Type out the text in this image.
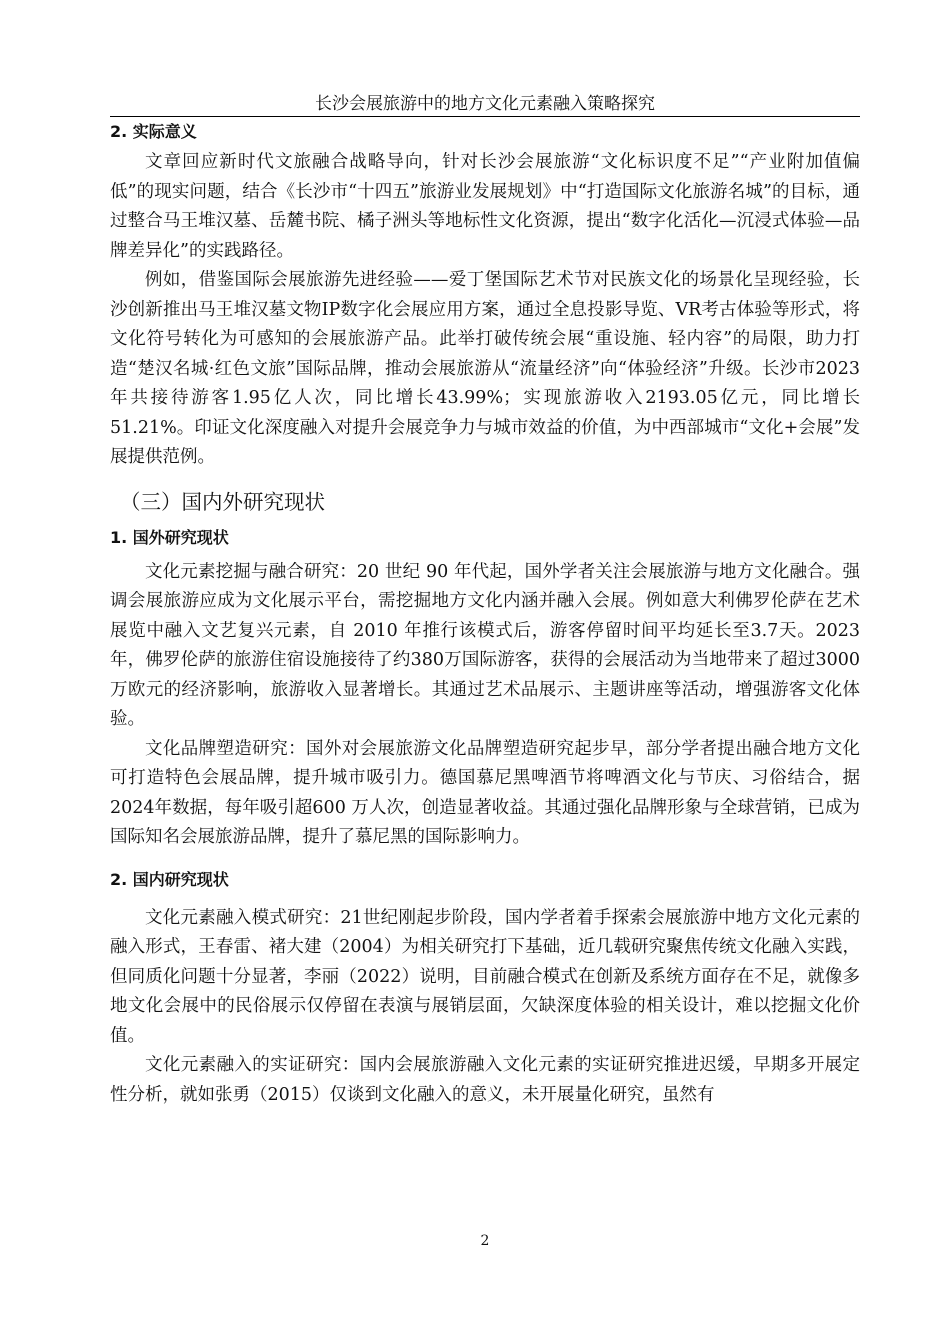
长沙会展旅游中的地方文化元素融入策略探究
2. 实际意义

文章回应新时代文旅融合战略导向，针对长沙会展旅游“文化标识度不足”“产业附加值偏低”的现实问题，结合《长沙市“十四五”旅游业发展规划》中“打造国际文化旅游名城”的目标，通过整合马王堆汉墓、岳麓书院、橘子洲头等地标性文化资源，提出“数字化活化—沉浸式体验—品牌差异化”的实践路径。

例如，借鉴国际会展旅游先进经验——爱丁堡国际艺术节对民族文化的场景化呈现经验，长沙创新推出马王堆汉墓文物IP数字化会展应用方案，通过全息投影导览、VR考古体验等形式，将文化符号转化为可感知的会展旅游产品。此举打破传统会展“重设施、轻内容”的局限，助力打造“楚汉名城·红色文旅”国际品牌，推动会展旅游从“流量经济”向“体验经济”升级。长沙市2023年共接待游客1.95亿人次，同比增长43.99%；实现旅游收入2193.05亿元，同比增长51.21%。印证文化深度融入对提升会展竞争力与城市效益的价值，为中西部城市“文化+会展”发展提供范例。

（三）国内外研究现状
1. 国外研究现状

文化元素挖掘与融合研究：20 世纪 90 年代起，国外学者关注会展旅游与地方文化融合。强调会展旅游应成为文化展示平台，需挖掘地方文化内涵并融入会展。例如意大利佛罗伦萨在艺术展览中融入文艺复兴元素，自 2010 年推行该模式后，游客停留时间平均延长至3.7天。2023年，佛罗伦萨的旅游住宿设施接待了约380万国际游客，获得的会展活动为当地带来了超过3000万欧元的经济影响，旅游收入显著增长。其通过艺术品展示、主题讲座等活动，增强游客文化体验。

文化品牌塑造研究：国外对会展旅游文化品牌塑造研究起步早，部分学者提出融合地方文化可打造特色会展品牌，提升城市吸引力。德国慕尼黑啤酒节将啤酒文化与节庆、习俗结合，据 2024年数据，每年吸引超600 万人次，创造显著收益。其通过强化品牌形象与全球营销，已成为国际知名会展旅游品牌，提升了慕尼黑的国际影响力。

2. 国内研究现状

文化元素融入模式研究：21世纪刚起步阶段，国内学者着手探索会展旅游中地方文化元素的融入形式，王春雷、褚大建（2004）为相关研究打下基础，近几载研究聚焦传统文化融入实践，但同质化问题十分显著，李丽（2022）说明，目前融合模式在创新及系统方面存在不足，就像多地文化会展中的民俗展示仅停留在表演与展销层面，欠缺深度体验的相关设计，难以挖掘文化价值。

文化元素融入的实证研究：国内会展旅游融入文化元素的实证研究推进迟缓，早期多开展定性分析，就如张勇（2015）仅谈到文化融入的意义，未开展量化研究，虽然有

2
